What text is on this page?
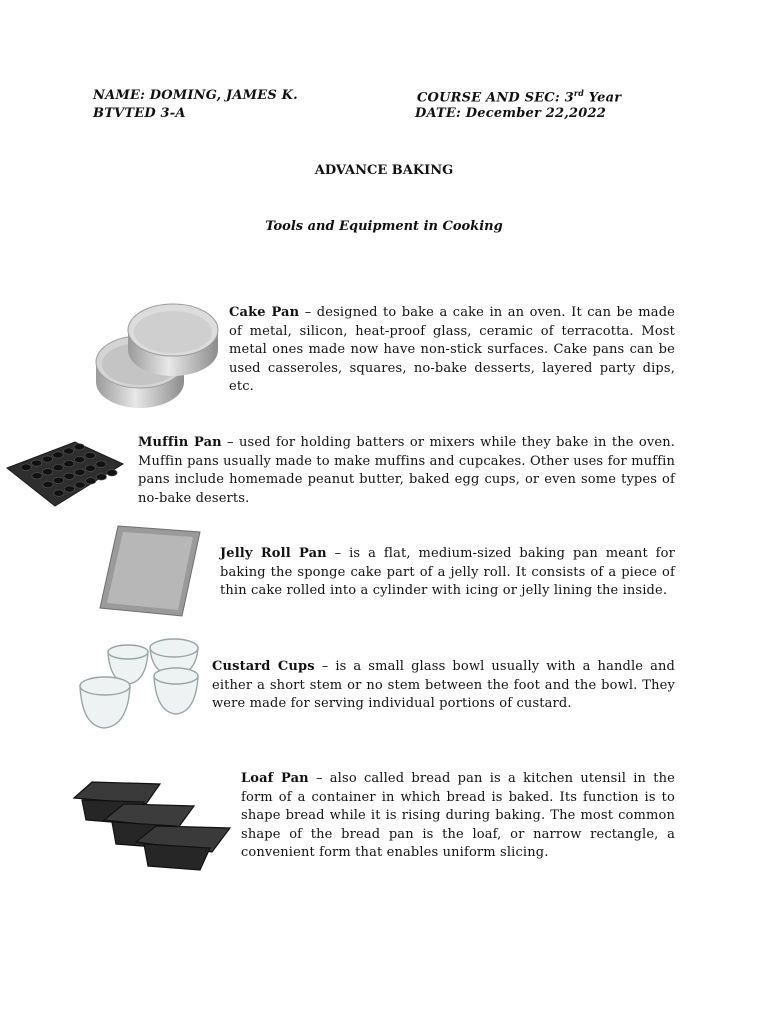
NAME: DOMING, JAMES K.	COURSE AND SEC: 3rd Year
BTVTED 3-A	DATE: December 22,2022
ADVANCE BAKING
Tools and Equipment in Cooking
Cake Pan – designed to bake a cake in an oven. It can be made of metal, silicon, heat-proof glass, ceramic of terracotta. Most metal ones made now have non-stick surfaces. Cake pans can be used casseroles, squares, no-bake desserts, layered party dips, etc.
Muffin Pan – used for holding batters or mixers while they bake in the oven. Muffin pans usually made to make muffins and cupcakes. Other uses for muffin pans include homemade peanut butter, baked egg cups, or even some types of no-bake deserts.
Jelly Roll Pan – is a flat, medium-sized baking pan meant for baking the sponge cake part of a jelly roll. It consists of a piece of thin cake rolled into a cylinder with icing or jelly lining the inside.
Custard Cups – is a small glass bowl usually with a handle and either a short stem or no stem between the foot and the bowl. They were made for serving individual portions of custard.
Loaf Pan – also called bread pan is a kitchen utensil in the form of a container in which bread is baked. Its function is to shape bread while it is rising during baking. The most common shape of the bread pan is the loaf, or narrow rectangle, a convenient form that enables uniform slicing.
